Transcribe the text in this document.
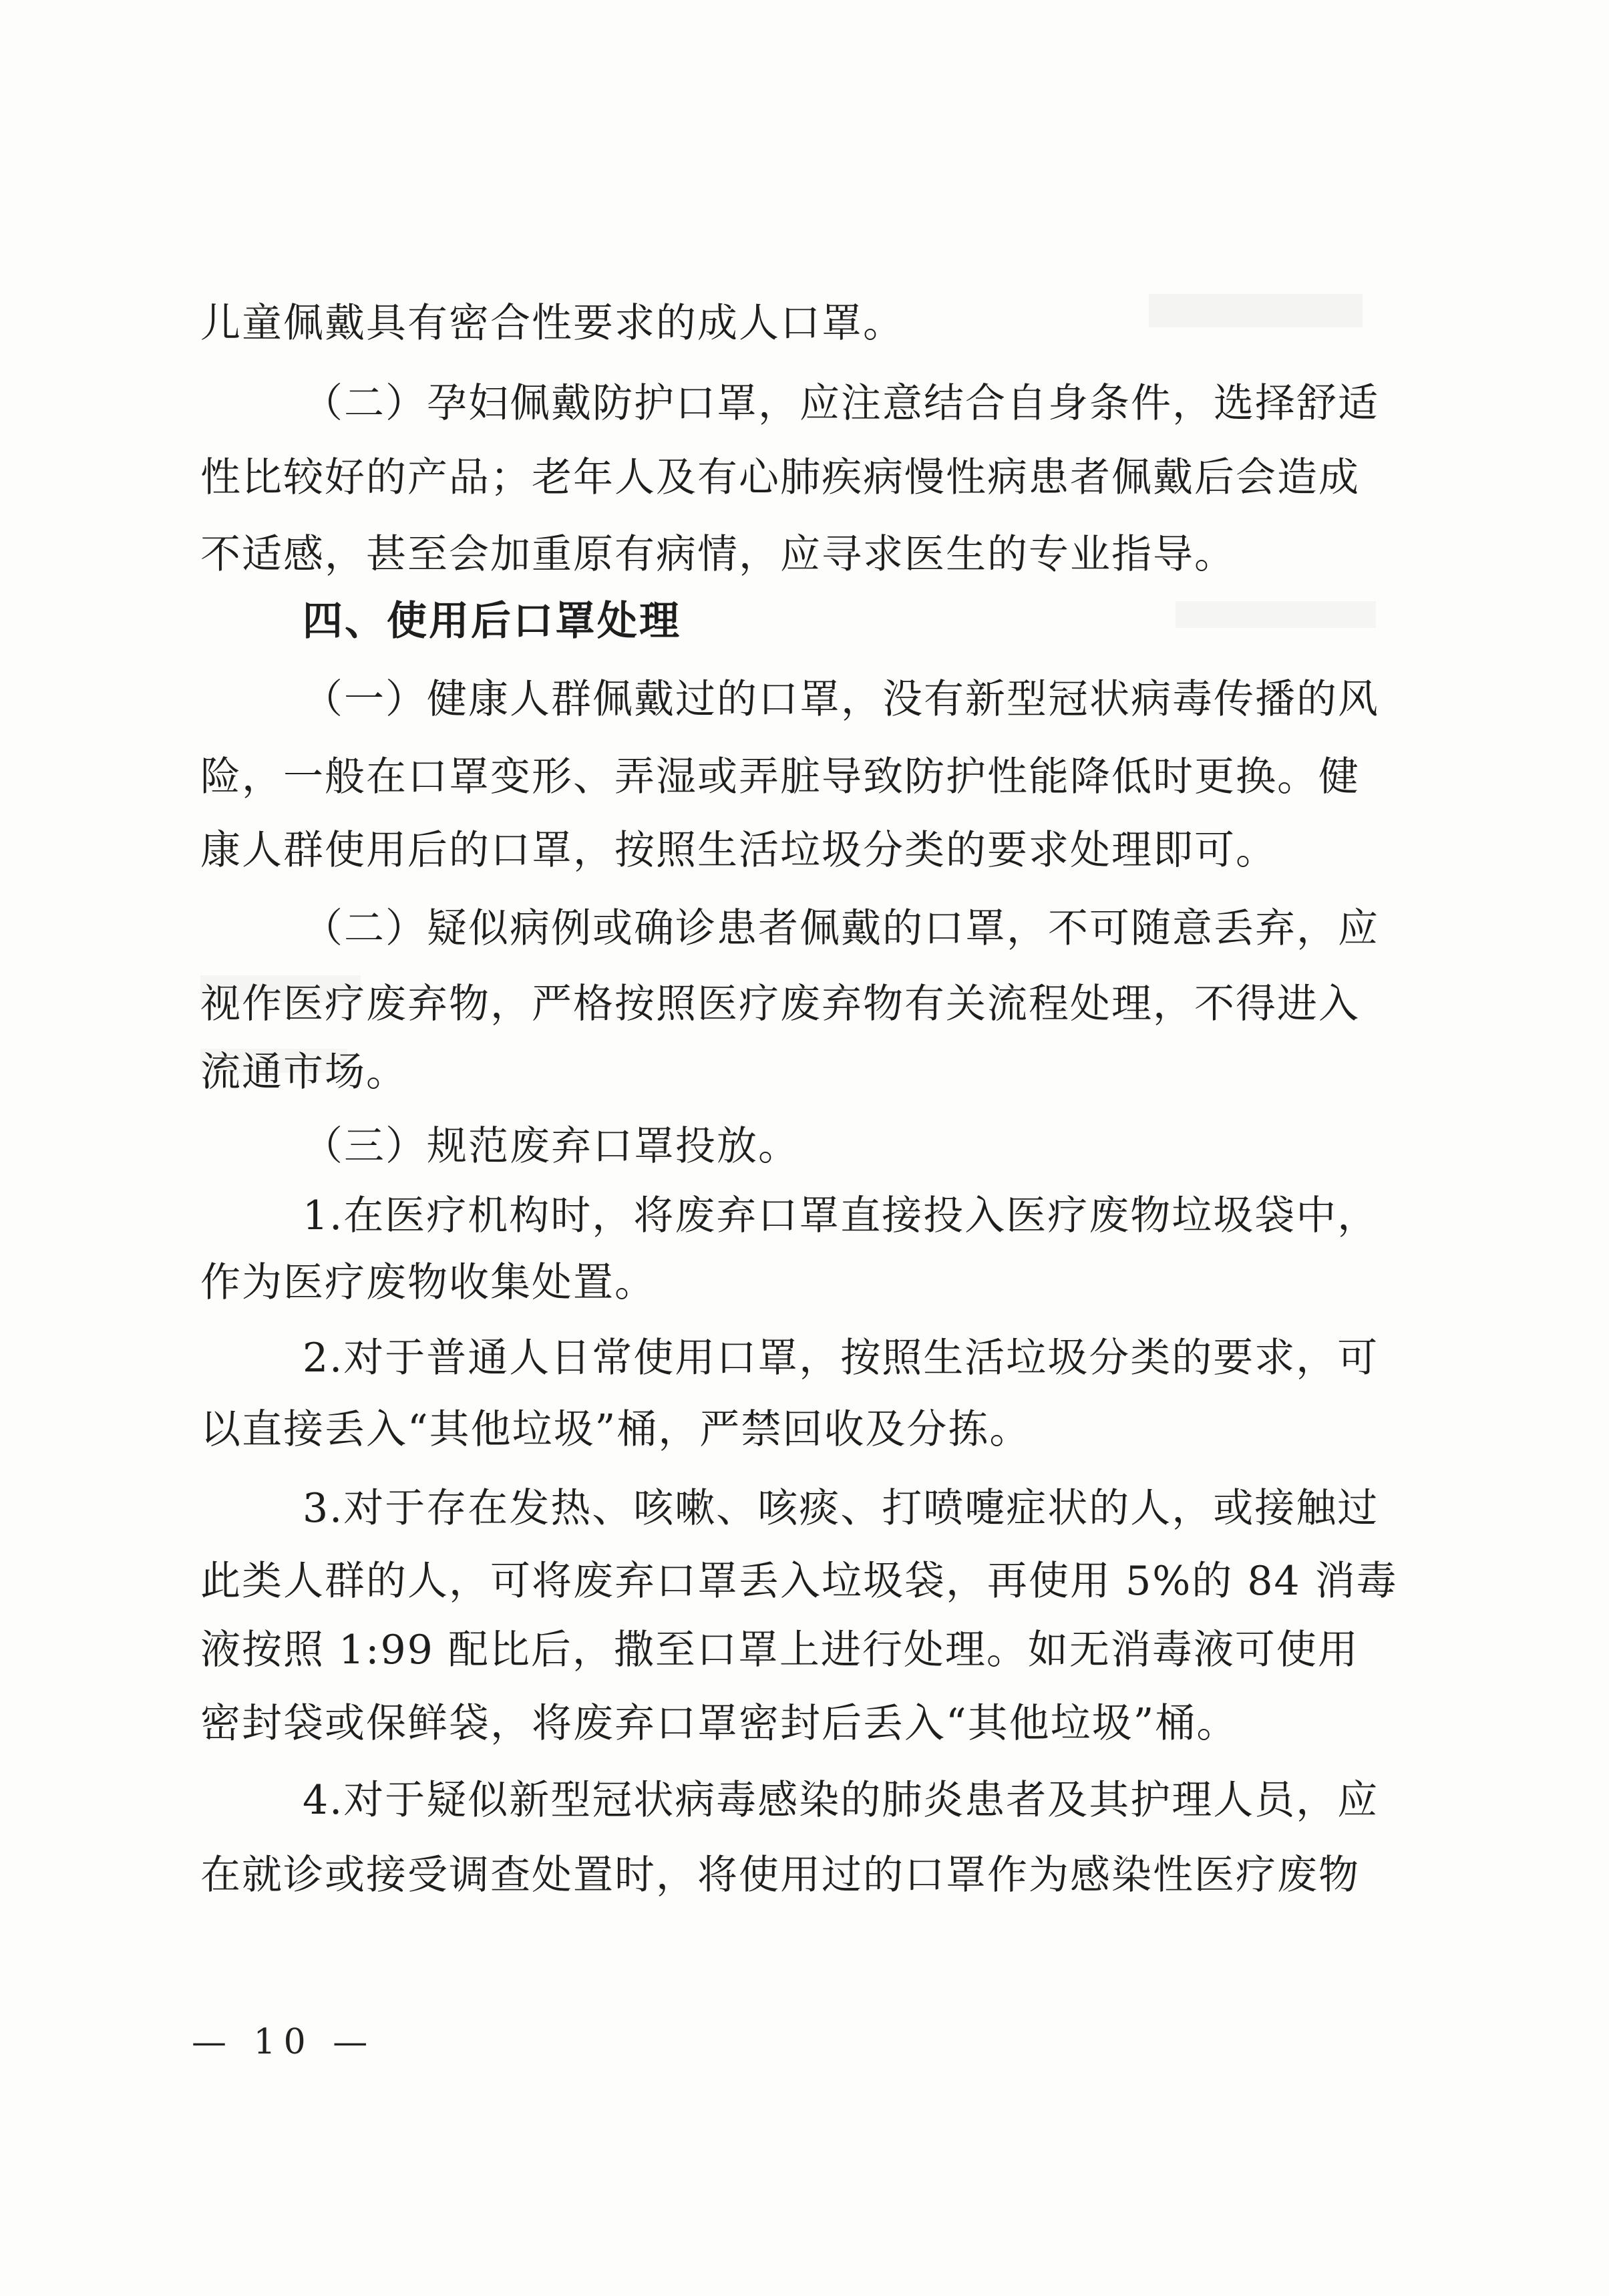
儿童佩戴具有密合性要求的成人口罩。
（二）孕妇佩戴防护口罩，应注意结合自身条件，选择舒适
性比较好的产品；老年人及有心肺疾病慢性病患者佩戴后会造成
不适感，甚至会加重原有病情，应寻求医生的专业指导。
四、使用后口罩处理
（一）健康人群佩戴过的口罩，没有新型冠状病毒传播的风
险，一般在口罩变形、弄湿或弄脏导致防护性能降低时更换。健
康人群使用后的口罩，按照生活垃圾分类的要求处理即可。
（二）疑似病例或确诊患者佩戴的口罩，不可随意丢弃，应
视作医疗废弃物，严格按照医疗废弃物有关流程处理，不得进入
流通市场。
（三）规范废弃口罩投放。
1.在医疗机构时，将废弃口罩直接投入医疗废物垃圾袋中，
作为医疗废物收集处置。
2.对于普通人日常使用口罩，按照生活垃圾分类的要求，可
以直接丢入“其他垃圾”桶，严禁回收及分拣。
3.对于存在发热、咳嗽、咳痰、打喷嚏症状的人，或接触过
此类人群的人，可将废弃口罩丢入垃圾袋，再使用 5%的 84 消毒
液按照 1:99 配比后，撒至口罩上进行处理。如无消毒液可使用
密封袋或保鲜袋，将废弃口罩密封后丢入“其他垃圾”桶。
4.对于疑似新型冠状病毒感染的肺炎患者及其护理人员，应
在就诊或接受调查处置时，将使用过的口罩作为感染性医疗废物
— 10 —
